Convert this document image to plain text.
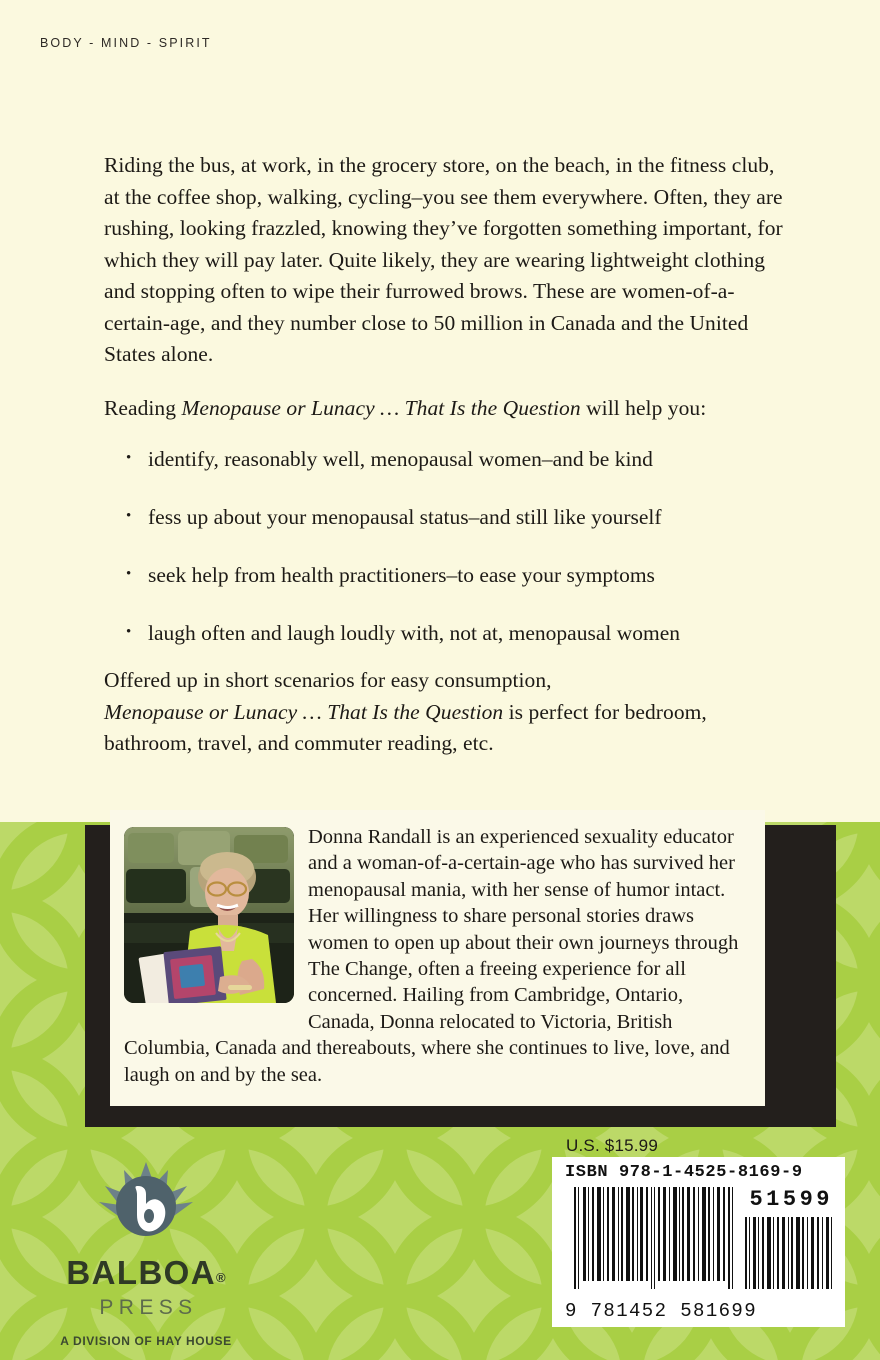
BODY - MIND - SPIRIT

Riding the bus, at work, in the grocery store, on the beach, in the fitness club, at the coffee shop, walking, cycling–you see them everywhere. Often, they are rushing, looking frazzled, knowing they’ve forgotten something important, for which they will pay later. Quite likely, they are wearing lightweight clothing and stopping often to wipe their furrowed brows. These are women-of-a-certain-age, and they number close to 50 million in Canada and the United States alone.

Reading Menopause or Lunacy … That Is the Question will help you:

• identify, reasonably well, menopausal women–and be kind
• fess up about your menopausal status–and still like yourself
• seek help from health practitioners–to ease your symptoms
• laugh often and laugh loudly with, not at, menopausal women

Offered up in short scenarios for easy consumption,
Menopause or Lunacy … That Is the Question is perfect for bedroom, bathroom, travel, and commuter reading, etc.

Donna Randall is an experienced sexuality educator and a woman-of-a-certain-age who has survived her menopausal mania, with her sense of humor intact. Her willingness to share personal stories draws women to open up about their own journeys through The Change, often a freeing experience for all concerned. Hailing from Cambridge, Ontario, Canada, Donna relocated to Victoria, British Columbia, Canada and thereabouts, where she continues to live, love, and laugh on and by the sea.
BALBOA®
PRESS
A DIVISION OF HAY HOUSE
U.S. $15.99
ISBN 978-1-4525-8169-9
51599
9 781452 581699
